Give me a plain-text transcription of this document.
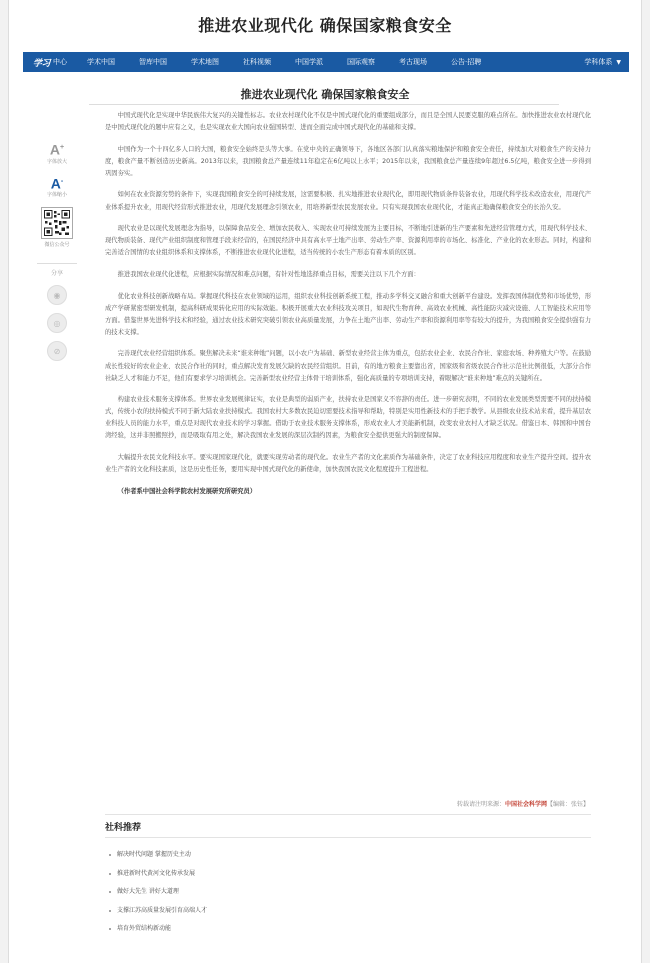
推进农业现代化 确保国家粮食安全
学习 中心	学术中国	智库中国	学术地图	社科视频	中国学派	国际观察	考古现场	公告·招聘	学科体系 ▼
推进农业现代化 确保国家粮食安全
A+
字体放大
A-
字体缩小
微信公众号
分享
◉
◎
⊘

中国式现代化是实现中华民族伟大复兴的关键性标志。农业农村现代化不仅是中国式现代化的重要组成部分，而且是全国人民要克服的难点所在。加快推进农业农村现代化是中国式现代化的题中应有之义，也是实现农业大国向农业强国转型、进而全面完成中国式现代化的基础和支撑。

中国作为一个十四亿多人口的大国，粮食安全始终是头等大事。在党中央的正确领导下，各地区各部门认真落实粮地保护和粮食安全责任，持续加大对粮食生产的支持力度，粮食产量不断创造历史新高。2013年以来，我国粮食总产量连续11年稳定在6亿吨以上水平；2015年以来，我国粮食总产量连续9年超过6.5亿吨，粮食安全进一步得到巩固夯实。

如何在农业资源劣势的条件下，实现我国粮食安全的可持续发展，这需要积极、扎实地推进农业现代化，即用现代物质条件装备农业，用现代科学技术改造农业，用现代产业体系提升农业，用现代经营形式推进农业，用现代发展理念引领农业，用培养新型农民发展农业。只有实现我国农业现代化，才能真正地确保粮食安全的长治久安。

现代农业是以现代发展理念为指导，以保障食品安全、增加农民收入、实现农业可持续发展为主要目标，不断地引进新的生产要素和先进经营管理方式，用现代科学技术、现代物质装备、现代产业组织制度和管理手段来经营的，在国民经济中具有高水平土地产出率、劳动生产率、资源利用率的市场化、标准化、产业化的农业形态。同时，构建和完善适合国情的农业组织体系和支撑体系，不断推进农业现代化进程，适当传统的小农生产形态有着本质的区别。

推进我国农业现代化进程，应根据实际情况和难点问题，有针对性地选择重点目标，需要关注以下几个方面：

优化农业科技创新战略布局。掌握现代科技在农业领域的运用，组织农业科技创新系统工程，推动多学科交叉融合和重大创新平台建设。发挥我国体制优势和市场优势，形成产学研紧密型研发机制，提高科研成果转化应用的实际效能。积极开展重大农业科技攻关项目，如现代生物育种、高效农业机械、高性能防灾减灾设施、人工智能技术应用等方面。借鉴世界先进科学技术和经验，通过农业技术研究突破引领农业高质量发展，力争在土地产出率、劳动生产率和资源利用率等有较大的提升，为我国粮食安全提供强有力的技术支撑。

完善现代农业经营组织体系。聚焦解决未来“谁来种地”问题，以小农户为基础、新型农业经营主体为重点，包括农业企业、农民合作社、家庭农场、种养殖大户等。在鼓励成长性较好的农业企业、农民合作社的同时，重点解决发育发展欠缺的农民经营组织。目前，有的地方粮食主要靠出省，国家级和省级农民合作社示范社比例很低，大部分合作社缺乏人才和能力不足，他们有要求学习培训机会。完善新型农业经营主体骨干培训体系，强化高质量的专项培训支持，着眼解决“谁来种地”难点的关键所在。

构建农业技术服务支撑体系。世界农业发展规律证实，农业是典型的弱质产业，扶持农业是国家义不容辞的责任。进一步研究表明，不同的农业发展类型需要不同的扶持模式，传统小农的扶持模式不同于新大陆农业扶持模式。我国农村大多数农民迫切需要技术指导和帮助，特别是实用性新技术的手把手教学。从县级农业技术站来看，提升基层农业科技人员的能力水平，重点是对现代农业技术的学习掌握。借助于农业技术服务支撑体系，形成农业人才美能新机制，改变农业农村人才缺乏状况。借鉴日本、韩国和中国台湾经验，这并非照搬照抄，而是吸取有用之处，解决我国农业发展的深层次制约因素，为粮食安全提供更强大的制度保障。

大幅提升农民文化科技水平。要实现国家现代化，就要实现劳动者的现代化。农业生产者的文化素质作为基础条件，决定了农业科技应用程度和农业生产提升空间。提升农业生产者的文化科技素质，这是历史性任务，要用实现中国式现代化的新使命，加快我国农民文化程度提升工程进程。

（作者系中国社会科学院农村发展研究所研究员）

转载请注明来源：中国社会科学网【编辑：张钰】
社科推荐
解决时代问题 掌握历史主动
推进新时代黄河文化传承发展
做好大先生 讲好大道理
支撑江苏高质量发展引育高端人才
培育外贸结构新动能
